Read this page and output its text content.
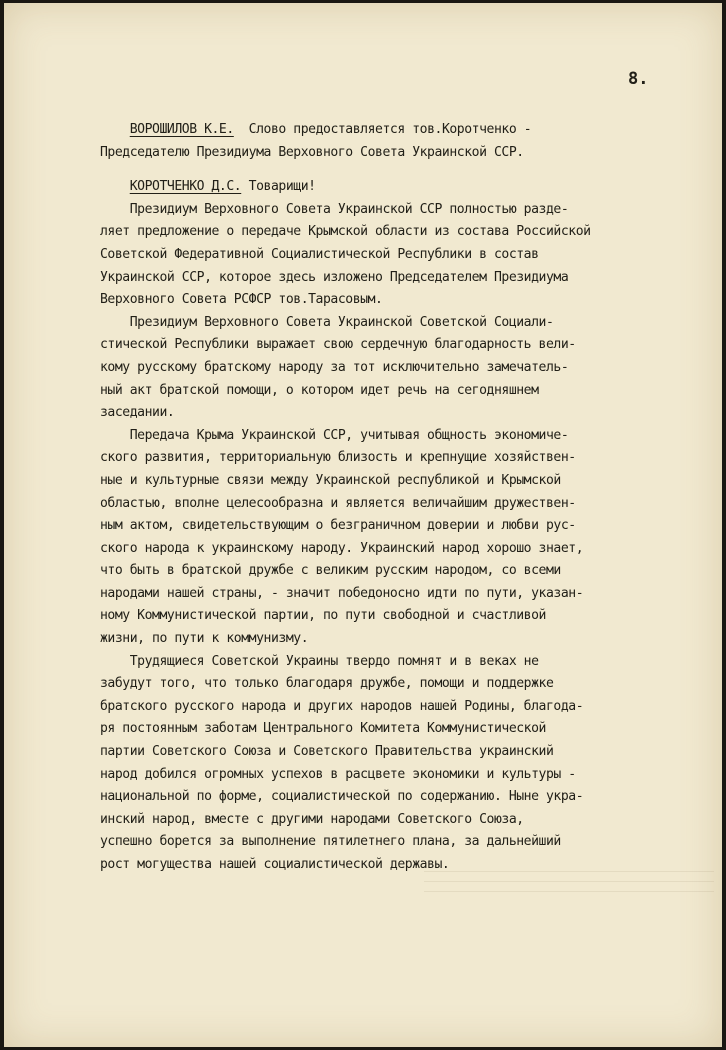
8.
ВОРОШИЛОВ К.Е.  Слово предоставляется тов.Коротченко -
Председателю Президиума Верховного Совета Украинской ССР.
КОРОТЧЕНКО Д.С. Товарищи!
Президиум Верховного Совета Украинской ССР полностью разде-
ляет предложение о передаче Крымской области из состава Российской
Советской Федеративной Социалистической Республики в состав
Украинской ССР, которое здесь изложено Председателем Президиума
Верховного Совета РСФСР тов.Тарасовым.
Президиум Верховного Совета Украинской Советской Социали-
стической Республики выражает свою сердечную благодарность вели-
кому русскому братскому народу за тот исключительно замечатель-
ный акт братской помощи, о котором идет речь на сегодняшнем
заседании.
Передача Крыма Украинской ССР, учитывая общность экономиче-
ского развития, территориальную близость и крепнущие хозяйствен-
ные и культурные связи между Украинской республикой и Крымской
областью, вполне целесообразна и является величайшим дружествен-
ным актом, свидетельствующим о безграничном доверии и любви рус-
ского народа к украинскому народу. Украинский народ хорошо знает,
что быть в братской дружбе с великим русским народом, со всеми
народами нашей страны, - значит победоносно идти по пути, указан-
ному Коммунистической партии, по пути свободной и счастливой
жизни, по пути к коммунизму.
Трудящиеся Советской Украины твердо помнят и в веках не
забудут того, что только благодаря дружбе, помощи и поддержке
братского русского народа и других народов нашей Родины, благода-
ря постоянным заботам Центрального Комитета Коммунистической
партии Советского Союза и Советского Правительства украинский
народ добился огромных успехов в расцвете экономики и культуры -
национальной по форме, социалистической по содержанию. Ныне укра-
инский народ, вместе с другими народами Советского Союза,
успешно борется за выполнение пятилетнего плана, за дальнейший
рост могущества нашей социалистической державы.
